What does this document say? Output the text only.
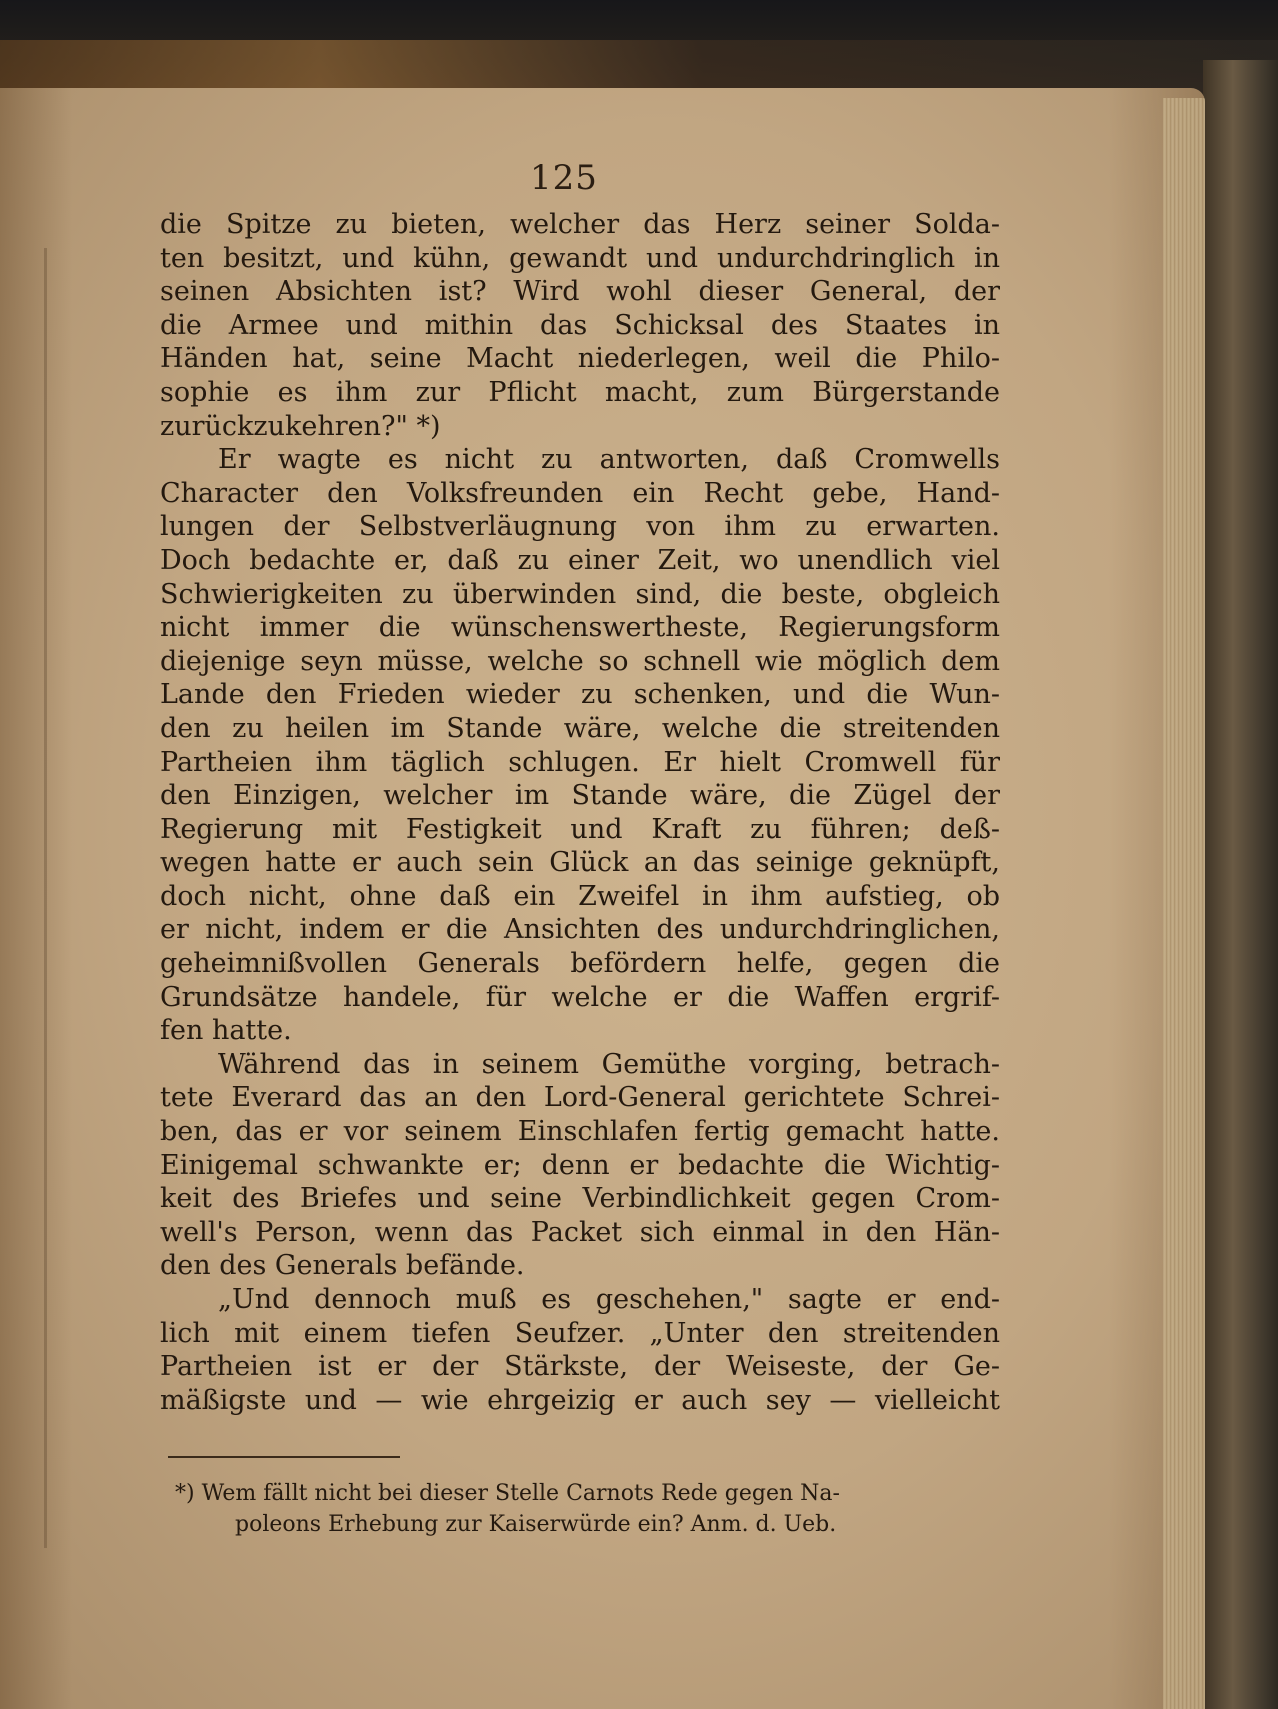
125
die Spitze zu bieten, welcher das Herz seiner Solda-
ten besitzt, und kühn, gewandt und undurchdringlich in
seinen Absichten ist? Wird wohl dieser General, der
die Armee und mithin das Schicksal des Staates in
Händen hat, seine Macht niederlegen, weil die Philo-
sophie es ihm zur Pflicht macht, zum Bürgerstande
zurückzukehren?" *)
Er wagte es nicht zu antworten, daß Cromwells
Character den Volksfreunden ein Recht gebe, Hand-
lungen der Selbstverläugnung von ihm zu erwarten.
Doch bedachte er, daß zu einer Zeit, wo unendlich viel
Schwierigkeiten zu überwinden sind, die beste, obgleich
nicht immer die wünschenswertheste, Regierungsform
diejenige seyn müsse, welche so schnell wie möglich dem
Lande den Frieden wieder zu schenken, und die Wun-
den zu heilen im Stande wäre, welche die streitenden
Partheien ihm täglich schlugen. Er hielt Cromwell für
den Einzigen, welcher im Stande wäre, die Zügel der
Regierung mit Festigkeit und Kraft zu führen; deß-
wegen hatte er auch sein Glück an das seinige geknüpft,
doch nicht, ohne daß ein Zweifel in ihm aufstieg, ob
er nicht, indem er die Ansichten des undurchdringlichen,
geheimnißvollen Generals befördern helfe, gegen die
Grundsätze handele, für welche er die Waffen ergrif-
fen hatte.
Während das in seinem Gemüthe vorging, betrach-
tete Everard das an den Lord-General gerichtete Schrei-
ben, das er vor seinem Einschlafen fertig gemacht hatte.
Einigemal schwankte er; denn er bedachte die Wichtig-
keit des Briefes und seine Verbindlichkeit gegen Crom-
well's Person, wenn das Packet sich einmal in den Hän-
den des Generals befände.
„Und dennoch muß es geschehen," sagte er end-
lich mit einem tiefen Seufzer. „Unter den streitenden
Partheien ist er der Stärkste, der Weiseste, der Ge-
mäßigste und — wie ehrgeizig er auch sey — vielleicht
*) Wem fällt nicht bei dieser Stelle Carnots Rede gegen Na-
poleons Erhebung zur Kaiserwürde ein? Anm. d. Ueb.
